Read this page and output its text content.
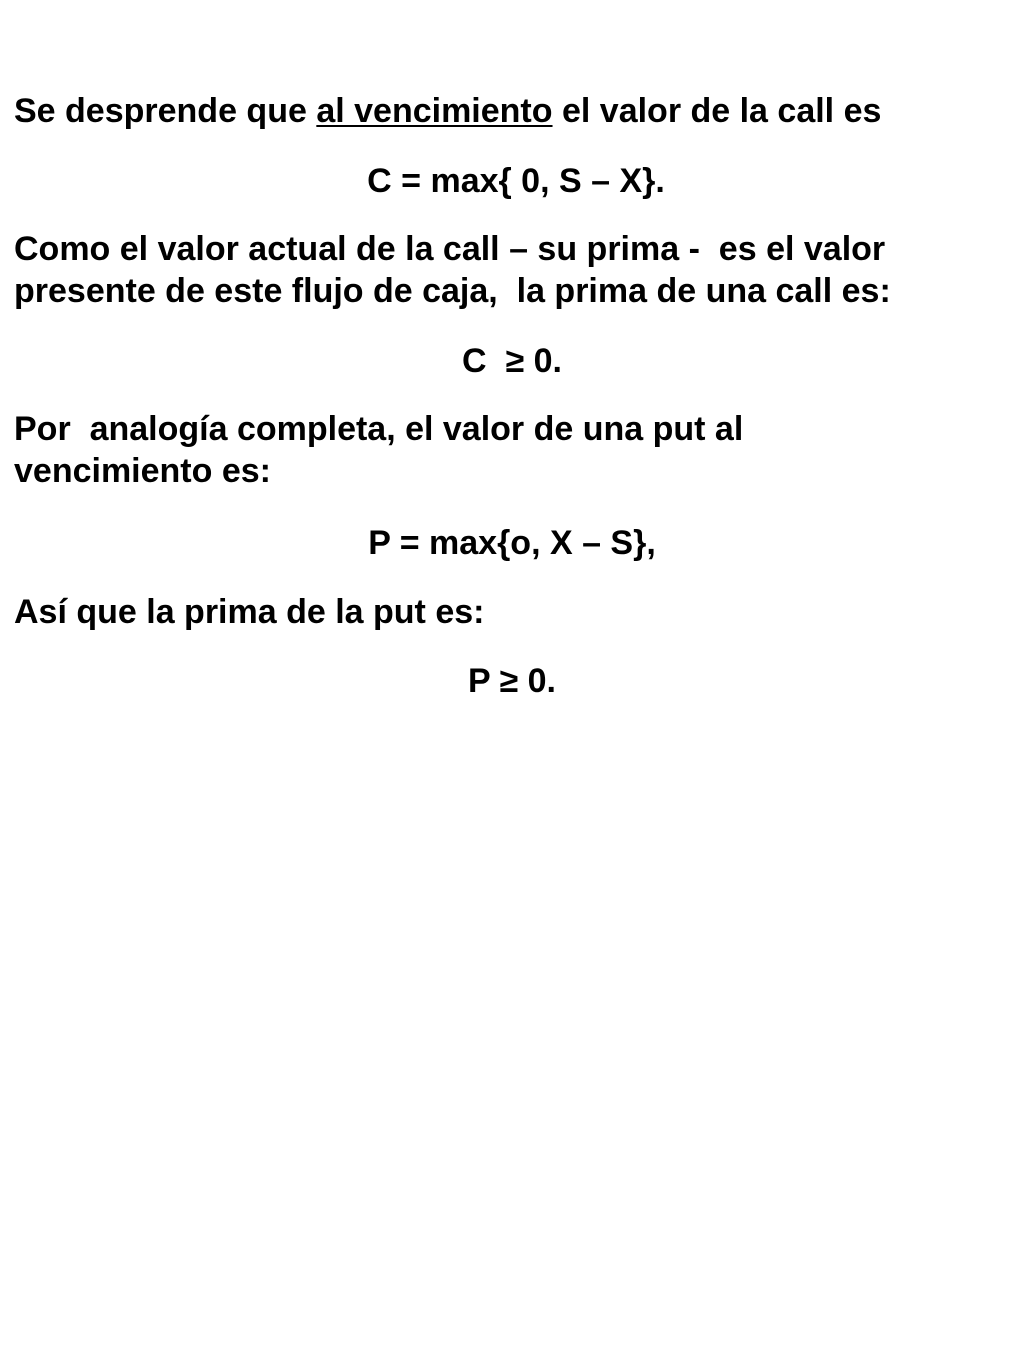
Se desprende que al vencimiento el valor de la call es

C = max{ 0, S – X}.

Como el valor actual de la call – su prima -  es el valor
presente de este flujo de caja,  la prima de una call es:

C  ≥ 0.

Por  analogía completa, el valor de una put al
vencimiento es:

P = max{o, X – S},

Así que la prima de la put es:

P ≥ 0.
